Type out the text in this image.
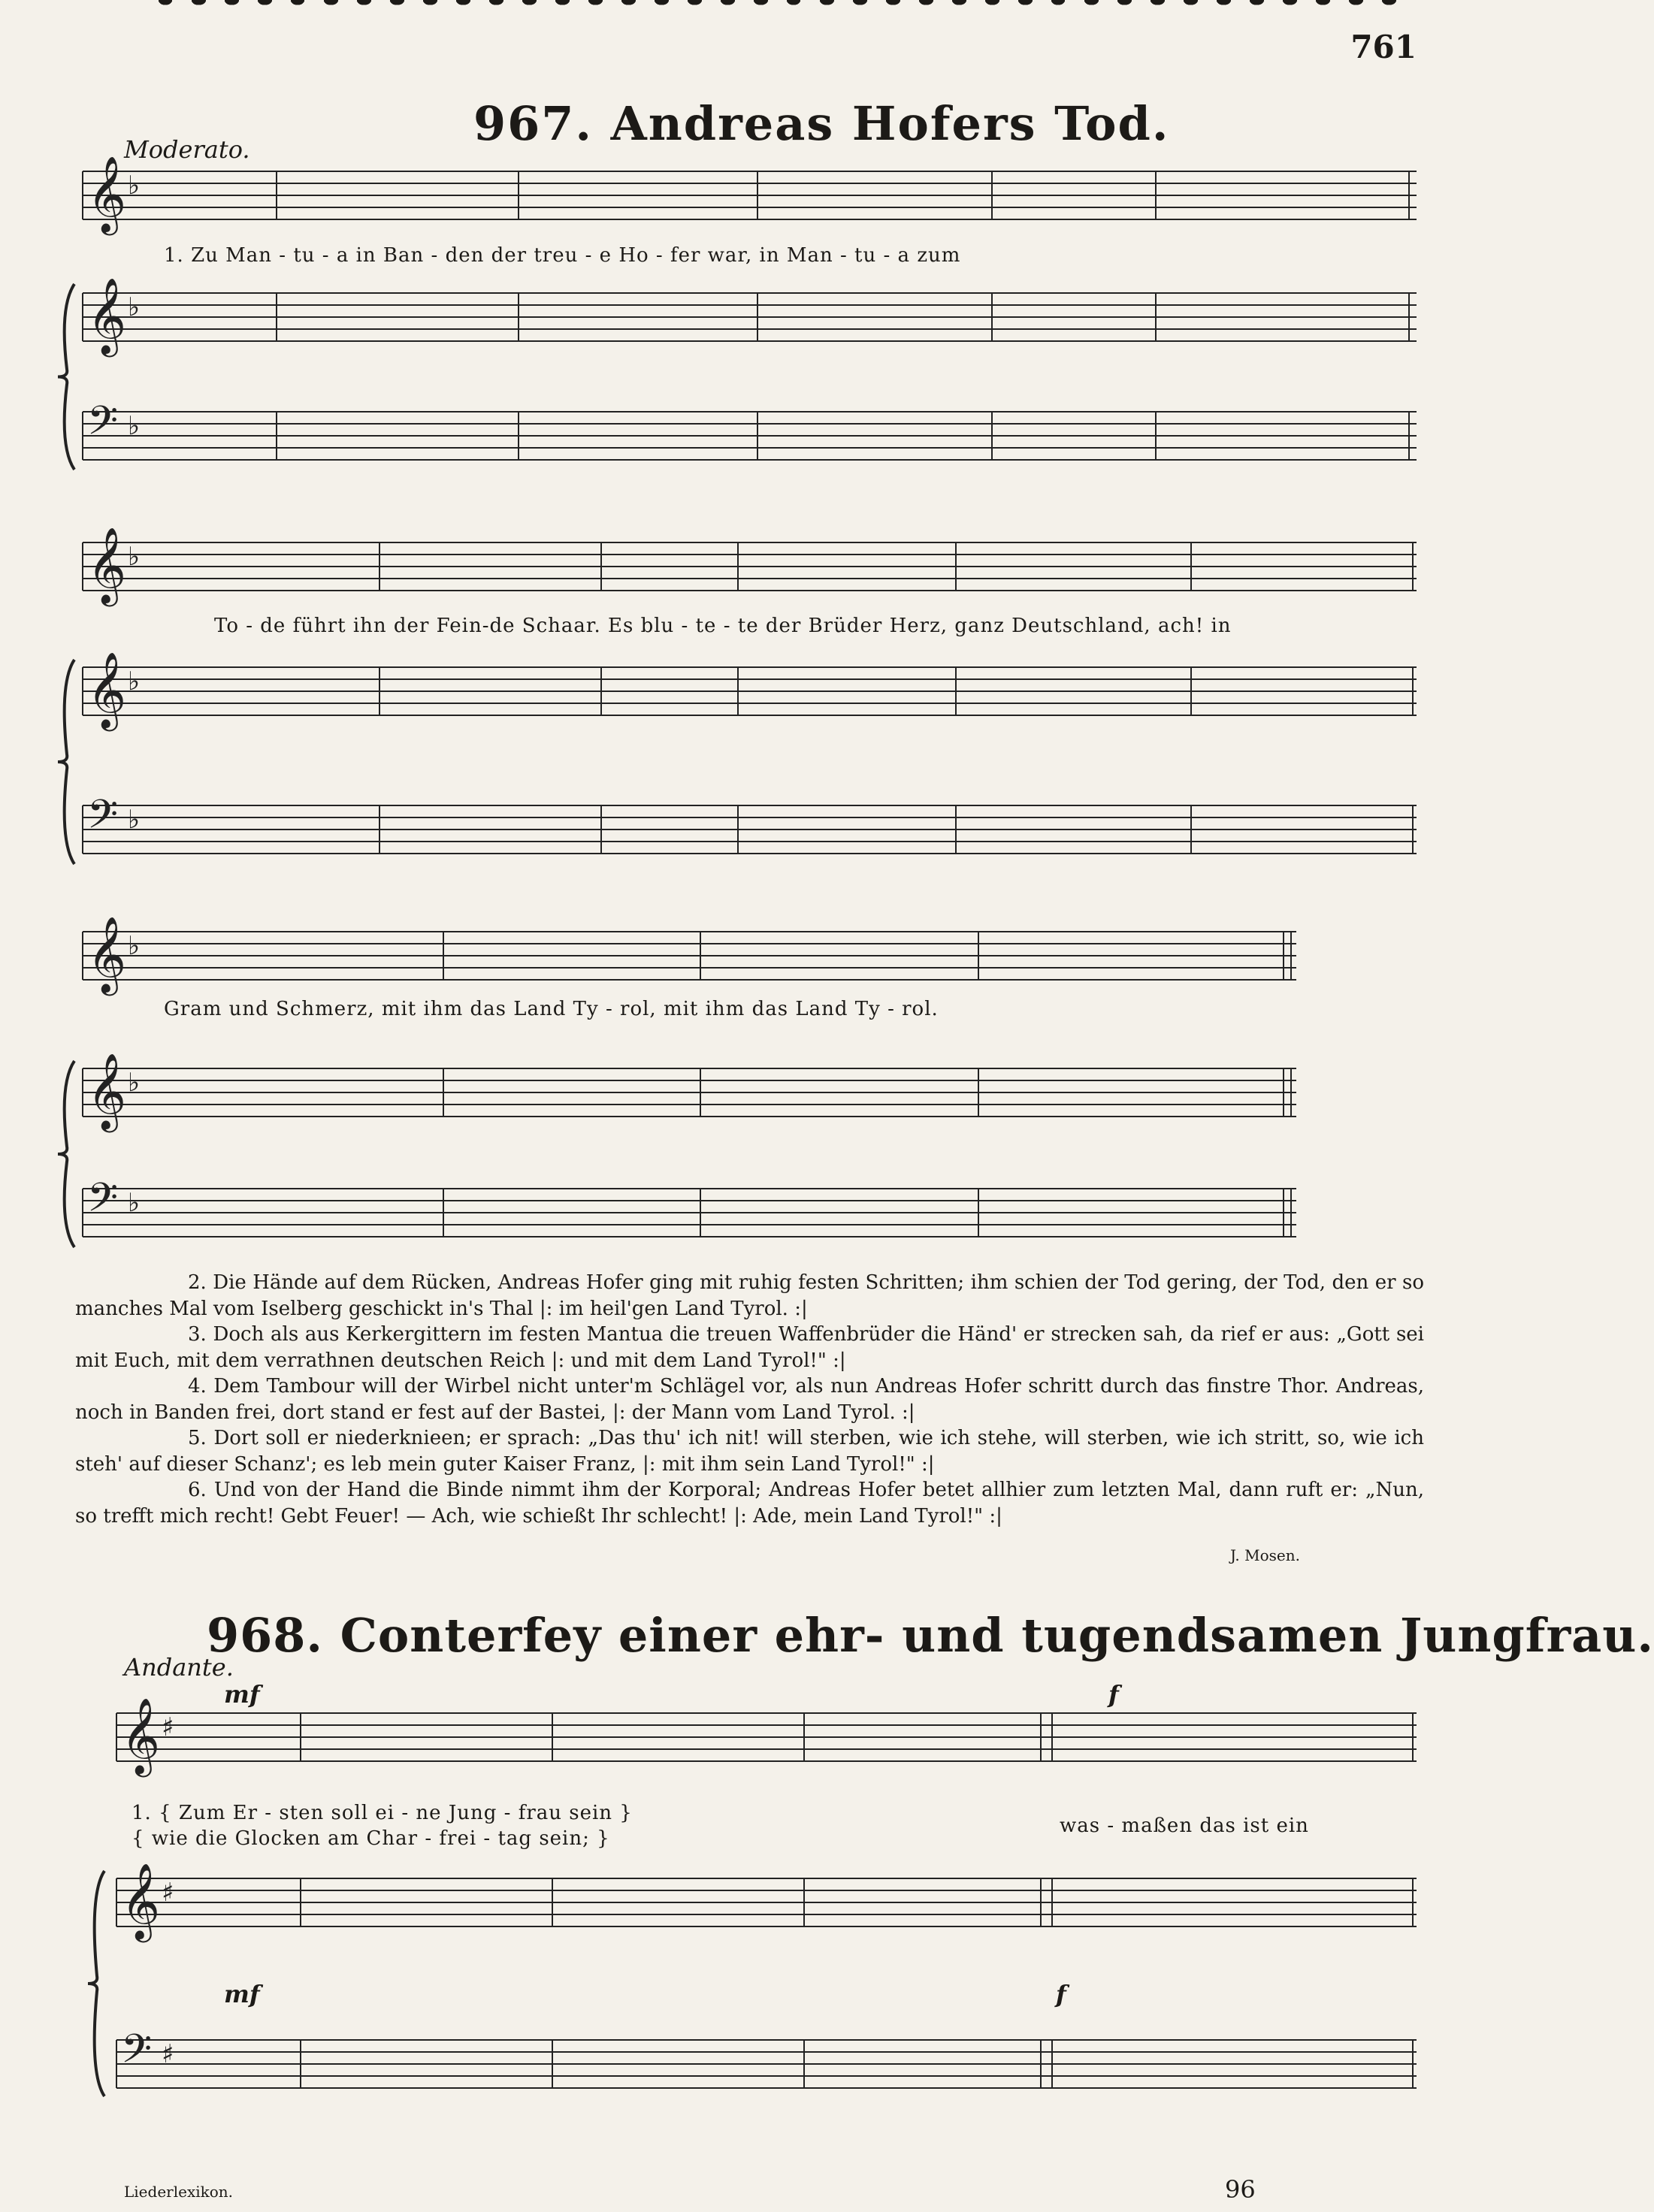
𝄞 ♭
𝄞 ♭
𝄢 ♭
𝄞 ♭
𝄞 ♭
𝄢 ♭
𝄞 ♭
𝄞 ♭
𝄢 ♭
𝄞 ♯
𝄞 ♯
𝄢 ♯
761
967. Andreas Hofers Tod.
Moderato.
1. Zu Man - tu - a in Ban - den der treu - e Ho - fer war, in Man - tu - a zum
To - de führt ihn der Fein-de Schaar. Es blu - te - te der Brüder Herz, ganz Deutschland, ach! in
Gram und Schmerz, mit ihm das Land Ty - rol, mit ihm das Land Ty - rol.

2. Die Hände auf dem Rücken, Andreas Hofer ging mit ruhig festen Schritten; ihm schien der Tod gering, der Tod, den er so manches Mal vom Iselberg geschickt in's Thal |: im heil'gen Land Tyrol. :|

3. Doch als aus Kerkergittern im festen Mantua die treuen Waffenbrüder die Händ' er strecken sah, da rief er aus: „Gott sei mit Euch, mit dem verrathnen deutschen Reich |: und mit dem Land Tyrol!" :|

4. Dem Tambour will der Wirbel nicht unter'm Schlägel vor, als nun Andreas Hofer schritt durch das finstre Thor. Andreas, noch in Banden frei, dort stand er fest auf der Bastei, |: der Mann vom Land Tyrol. :|

5. Dort soll er niederknieen; er sprach: „Das thu' ich nit! will sterben, wie ich stehe, will sterben, wie ich stritt, so, wie ich steh' auf dieser Schanz'; es leb mein guter Kaiser Franz, |: mit ihm sein Land Tyrol!" :|

6. Und von der Hand die Binde nimmt ihm der Korporal; Andreas Hofer betet allhier zum letzten Mal, dann ruft er: „Nun, so trefft mich recht! Gebt Feuer! — Ach, wie schießt Ihr schlecht! |: Ade, mein Land Tyrol!" :|

J. Mosen.
968. Conterfey einer ehr- und tugendsamen Jungfrau.
Andante.
mf
mf
f
f
1. { Zum Er - sten soll ei - ne Jung - frau sein }
{ wie die Glocken am Char - frei - tag sein; }
was - maßen das ist ein
Liederlexikon.	96
